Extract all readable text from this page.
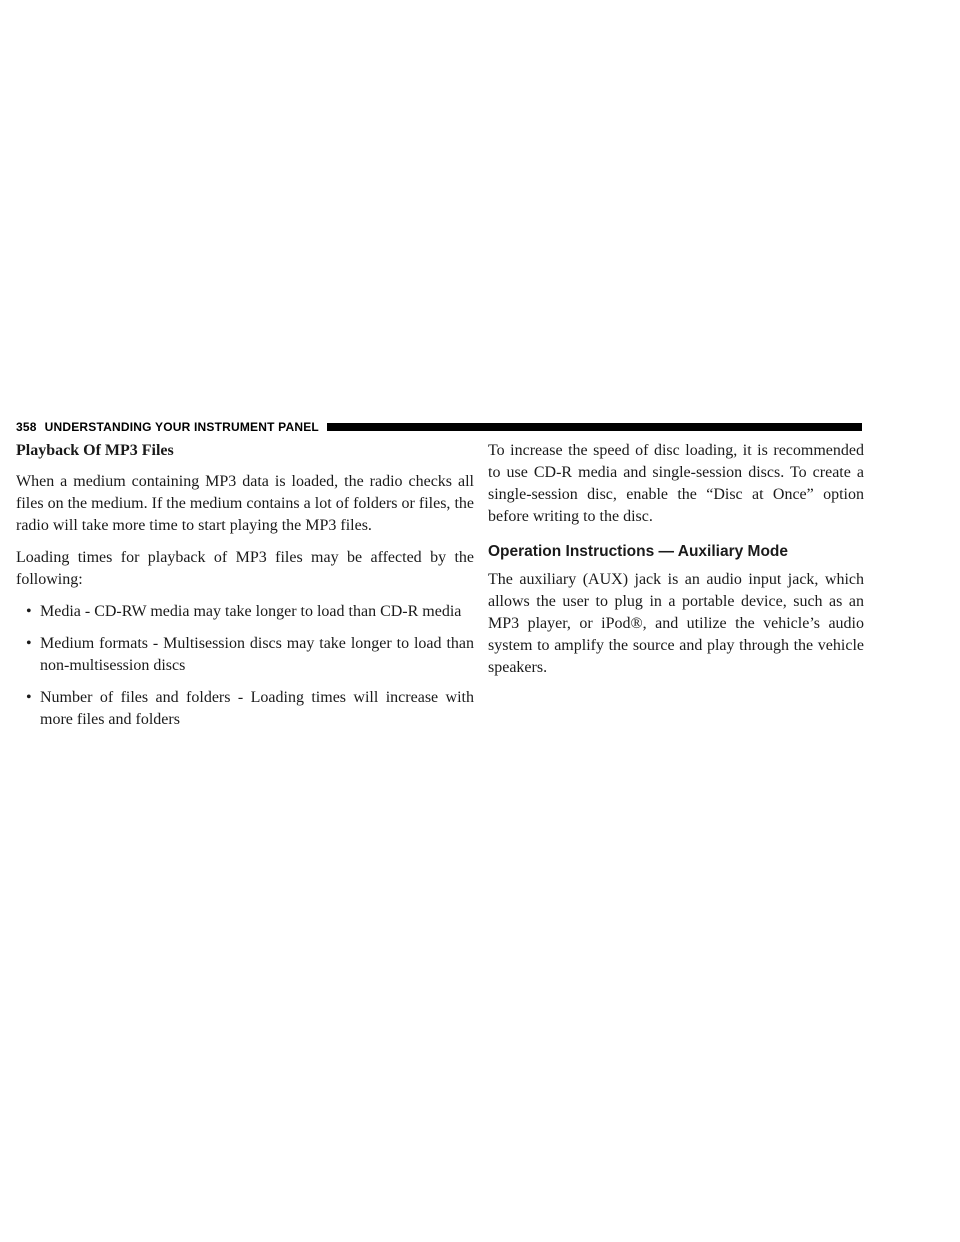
358 UNDERSTANDING YOUR INSTRUMENT PANEL
Playback Of MP3 Files

When a medium containing MP3 data is loaded, the radio checks all files on the medium. If the medium contains a lot of folders or files, the radio will take more time to start playing the MP3 files.

Loading times for playback of MP3 files may be affected by the following:

• Media - CD-RW media may take longer to load than CD-R media
• Medium formats - Multisession discs may take longer to load than non-multisession discs
• Number of files and folders - Loading times will increase with more files and folders

To increase the speed of disc loading, it is recommended to use CD-R media and single-session discs. To create a single-session disc, enable the “Disc at Once” option before writing to the disc.

Operation Instructions — Auxiliary Mode

The auxiliary (AUX) jack is an audio input jack, which allows the user to plug in a portable device, such as an MP3 player, or iPod®, and utilize the vehicle’s audio system to amplify the source and play through the vehicle speakers.
